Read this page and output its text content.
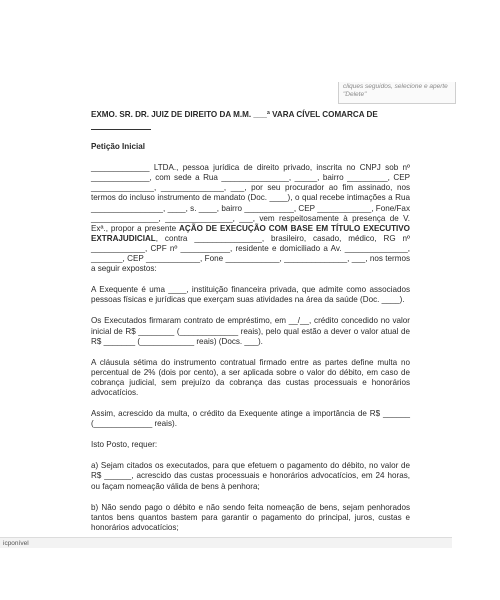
cliques seguidos, selecione e aperte "Delete"

EXMO. SR. DR. JUIZ DE DIREITO DA M.M. ___ª VARA CÍVEL COMARCA DE

Petição Inicial

_____________ LTDA., pessoa jurídica de direito privado, inscrita no CNPJ sob nº _____________, com sede a Rua _______________, _____, bairro _________, CEP ______________, ______________, ___, por seu procurador ao fim assinado, nos termos do incluso instrumento de mandato (Doc. ____), o qual recebe intimações a Rua ________________, ____, s. ____, bairro ___________, CEP ____________, Fone/Fax _______________, _______________, ___, vem respeitosamente à presença de V. Exª., propor a presente AÇÃO DE EXECUÇÃO COM BASE EM TÍTULO EXECUTIVO EXTRAJUDICIAL, contra _______________, brasileiro, casado, médico, RG nº ____________, CPF nº ___________, residente e domiciliado a Av. ______________, _______, CEP ____________, Fone ____________, ______________, ___, nos termos a seguir expostos:

A Exequente é uma ____, instituição financeira privada, que admite como associados pessoas físicas e jurídicas que exerçam suas atividades na área da saúde (Doc. ____).

Os Executados firmaram contrato de empréstimo, em __/__, crédito concedido no valor inicial de R$ ________ (_____________ reais), pelo qual estão a dever o valor atual de R$ _______ (____________ reais) (Docs. ___).

A cláusula sétima do instrumento contratual firmado entre as partes define multa no percentual de 2% (dois por cento), a ser aplicada sobre o valor do débito, em caso de cobrança judicial, sem prejuízo da cobrança das custas processuais e honorários advocatícios.

Assim, acrescido da multa, o crédito da Exequente atinge a importância de R$ ______ (_____________ reais).

Isto Posto, requer:

a) Sejam citados os executados, para que efetuem o pagamento do débito, no valor de R$ ______, acrescido das custas processuais e honorários advocatícios, em 24 horas, ou façam nomeação válida de bens à penhora;

b) Não sendo pago o débito e não sendo feita nomeação de bens, sejam penhorados tantos bens quantos bastem para garantir o pagamento do principal, juros, custas e honorários advocatícios;

icponível
